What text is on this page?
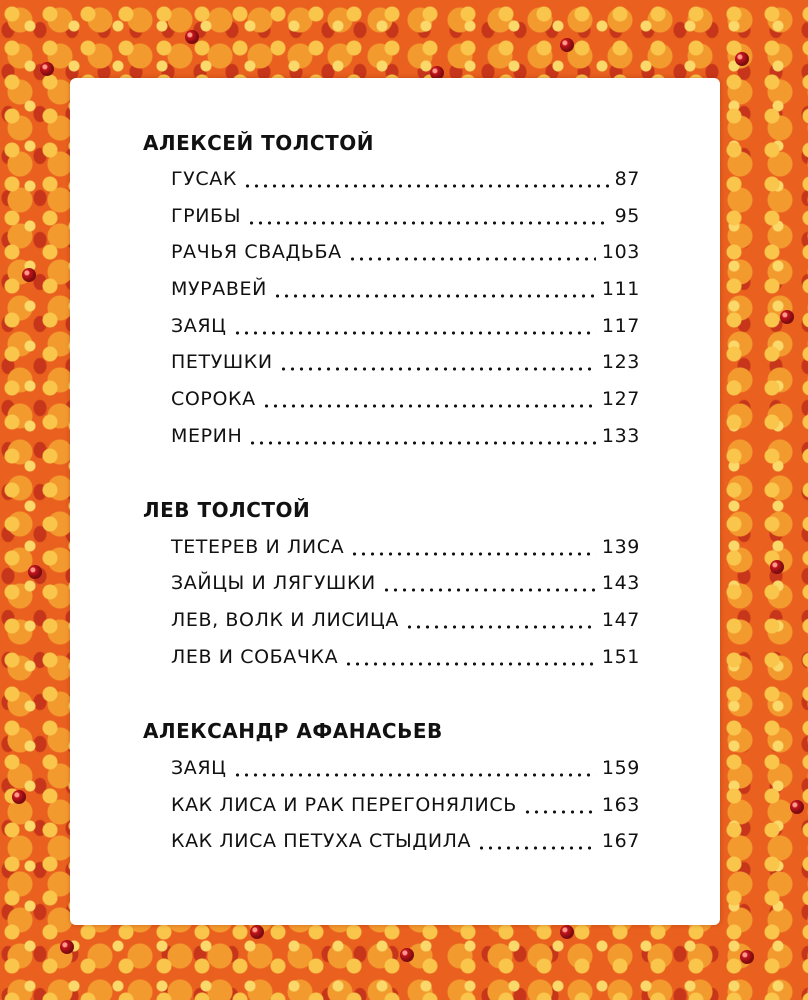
АЛЕКСЕЙ ТОЛСТОЙ
ГУСАК	87
ГРИБЫ	95
РАЧЬЯ СВАДЬБА	103
МУРАВЕЙ	111
ЗАЯЦ	117
ПЕТУШКИ	123
СОРОКА	127
МЕРИН	133
ЛЕВ ТОЛСТОЙ
ТЕТЕРЕВ И ЛИСА	139
ЗАЙЦЫ И ЛЯГУШКИ	143
ЛЕВ, ВОЛК И ЛИСИЦА	147
ЛЕВ И СОБАЧКА	151
АЛЕКСАНДР АФАНАСЬЕВ
ЗАЯЦ	159
КАК ЛИСА И РАК ПЕРЕГОНЯЛИСЬ	163
КАК ЛИСА ПЕТУХА СТЫДИЛА	167
